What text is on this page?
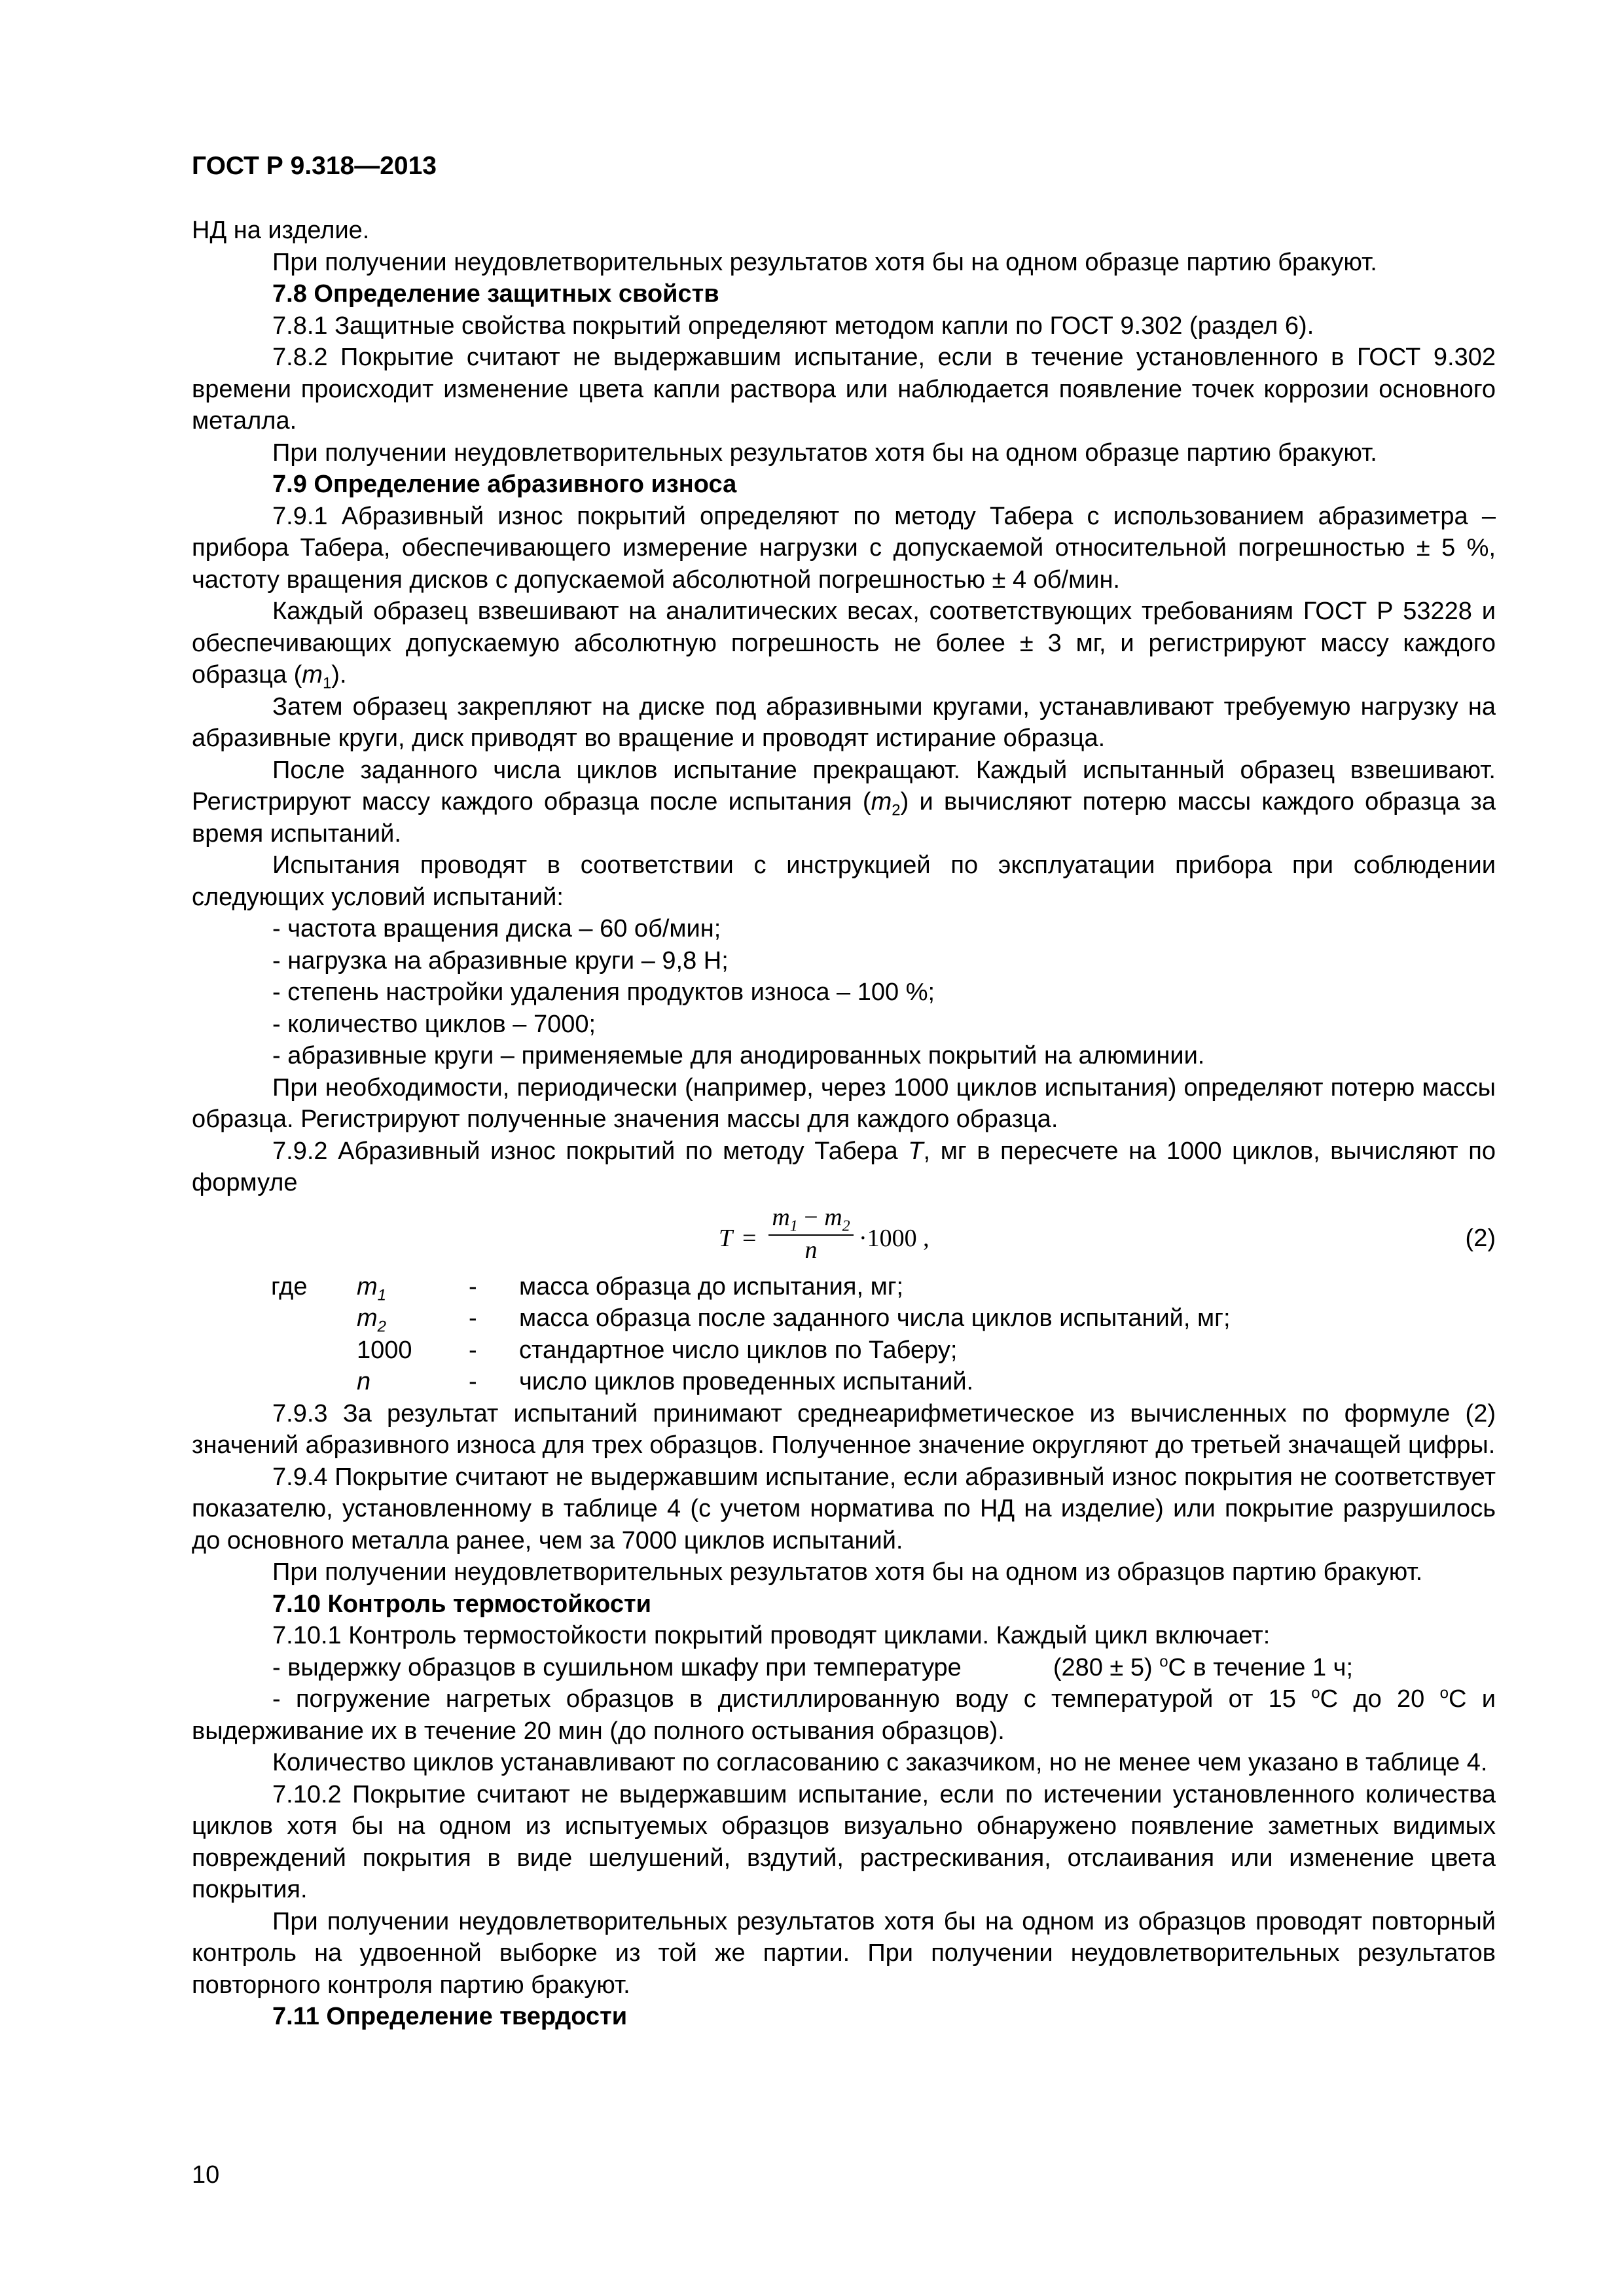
ГОСТ Р 9.318—2013

НД на изделие.

При получении неудовлетворительных результатов хотя бы на одном образце партию бракуют.

7.8 Определение защитных свойств

7.8.1 Защитные свойства покрытий определяют методом капли по ГОСТ 9.302 (раздел 6).

7.8.2 Покрытие считают не выдержавшим испытание, если в течение установленного в ГОСТ 9.302 времени происходит изменение цвета капли раствора или наблюдается появление точек коррозии основного металла.

При получении неудовлетворительных результатов хотя бы на одном образце партию бракуют.

7.9 Определение абразивного износа

7.9.1 Абразивный износ покрытий определяют по методу Табера с использованием абразиметра – прибора Табера, обеспечивающего измерение нагрузки с допускаемой относительной погрешностью ± 5 %, частоту вращения дисков с допускаемой абсолютной погрешностью ± 4 об/мин.

Каждый образец взвешивают на аналитических весах, соответствующих требованиям ГОСТ Р 53228 и обеспечивающих допускаемую абсолютную погрешность не более ± 3 мг, и регистрируют массу каждого образца $(m_1)$.

Затем образец закрепляют на диске под абразивными кругами, устанавливают требуемую нагрузку на абразивные круги, диск приводят во вращение и проводят истирание образца.

После заданного числа циклов испытание прекращают. Каждый испытанный образец взвешивают. Регистрируют массу каждого образца после испытания $(m_2)$ и вычисляют потерю массы каждого образца за время испытаний.

Испытания проводят в соответствии с инструкцией по эксплуатации прибора при соблюдении следующих условий испытаний:

- частота вращения диска – 60 об/мин;

- нагрузка на абразивные круги – 9,8 Н;

- степень настройки удаления продуктов износа – 100 %;

- количество циклов – 7000;

- абразивные круги – применяемые для анодированных покрытий на алюминии.

При необходимости, периодически (например, через 1000 циклов испытания) определяют потерю массы образца. Регистрируют полученные значения массы для каждого образца.

7.9.2 Абразивный износ покрытий по методу Табера T, мг в пересчете на 1000 циклов, вычисляют по формуле

T =
$m_1 - m_2$
n	·1000 ,	(2)
где $m_1$	- масса образца до испытания, мг;
$m_2$	- масса образца после заданного числа циклов испытаний, мг;
1000 - стандартное число циклов по Таберу;
n	- число циклов проведенных испытаний.

7.9.3 За результат испытаний принимают среднеарифметическое из вычисленных по формуле (2) значений абразивного износа для трех образцов. Полученное значение округляют до третьей значащей цифры.

7.9.4 Покрытие считают не выдержавшим испытание, если абразивный износ покрытия не соответствует показателю, установленному в таблице 4 (с учетом норматива по НД на изделие) или покрытие разрушилось до основного металла ранее, чем за 7000 циклов испытаний.

При получении неудовлетворительных результатов хотя бы на одном из образцов партию бракуют.

7.10 Контроль термостойкости

7.10.1 Контроль термостойкости покрытий проводят циклами. Каждый цикл включает:

- выдержку образцов в сушильном шкафу при температуре	(280 ± 5) $^o$С в течение 1 ч;

- погружение нагретых образцов в дистиллированную воду с температурой от 15 $^o$С до 20 $^o$С и выдерживание их в течение 20 мин (до полного остывания образцов).

Количество циклов устанавливают по согласованию с заказчиком, но не менее чем указано в таблице 4.

7.10.2 Покрытие считают не выдержавшим испытание, если по истечении установленного количества циклов хотя бы на одном из испытуемых образцов визуально обнаружено появление заметных видимых повреждений покрытия в виде шелушений, вздутий, растрескивания, отслаивания или изменение цвета покрытия.

При получении неудовлетворительных результатов хотя бы на одном из образцов проводят повторный контроль на удвоенной выборке из той же партии. При получении неудовлетворительных результатов повторного контроля партию бракуют.

7.11 Определение твердости

10
